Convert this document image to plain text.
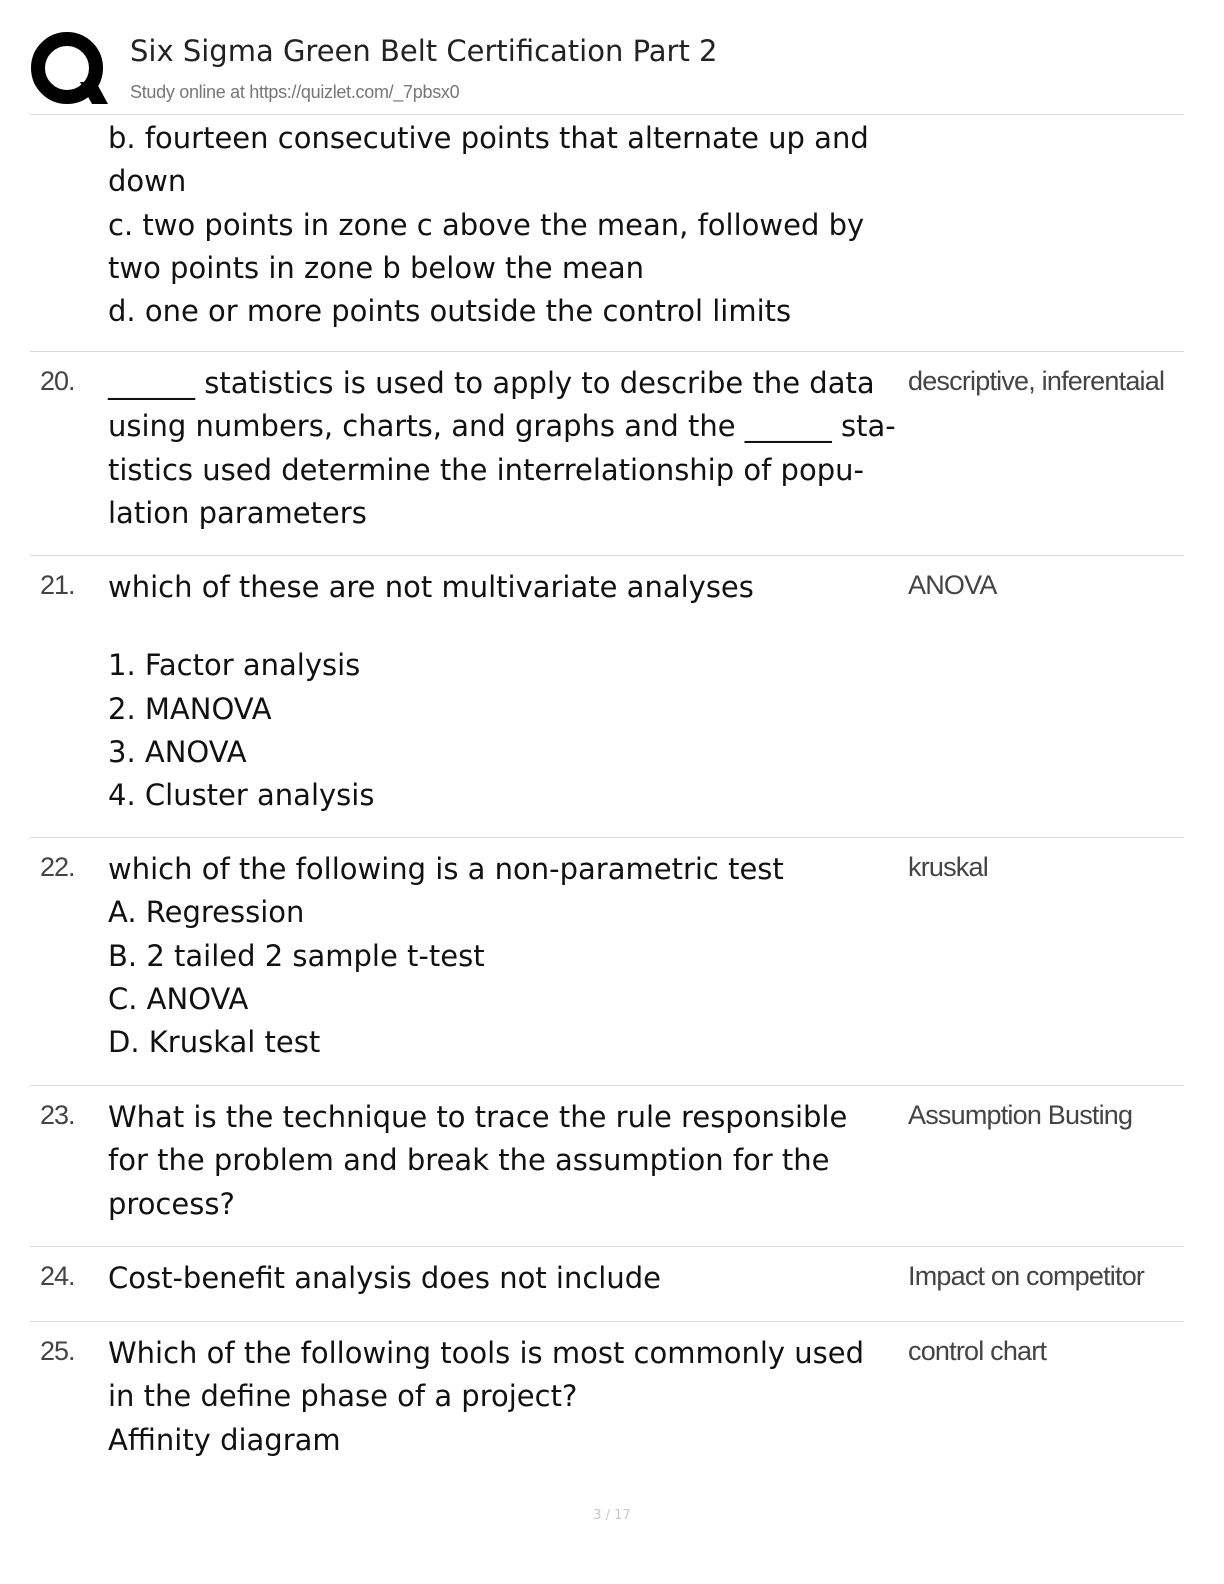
Six Sigma Green Belt Certification Part 2
Study online at https://quizlet.com/_7pbsx0
b. fourteen consecutive points that alternate up and
down
c. two points in zone c above the mean, followed by
two points in zone b below the mean
d. one or more points outside the control limits
20. ______ statistics is used to apply to describe the data
using numbers, charts, and graphs and the ______ sta-
tistics used determine the interrelationship of popu-
lation parameters
descriptive, inferentaial
21. which of these are not multivariate analyses
1. Factor analysis
2. MANOVA
3. ANOVA
4. Cluster analysis
ANOVA
22. which of the following is a non-parametric test
A. Regression
B. 2 tailed 2 sample t-test
C. ANOVA
D. Kruskal test
kruskal
23. What is the technique to trace the rule responsible
for the problem and break the assumption for the
process?
Assumption Busting
24. Cost-benefit analysis does not include	Impact on competitor
25. Which of the following tools is most commonly used
in the define phase of a project?
Affinity diagram
control chart
3 / 17
